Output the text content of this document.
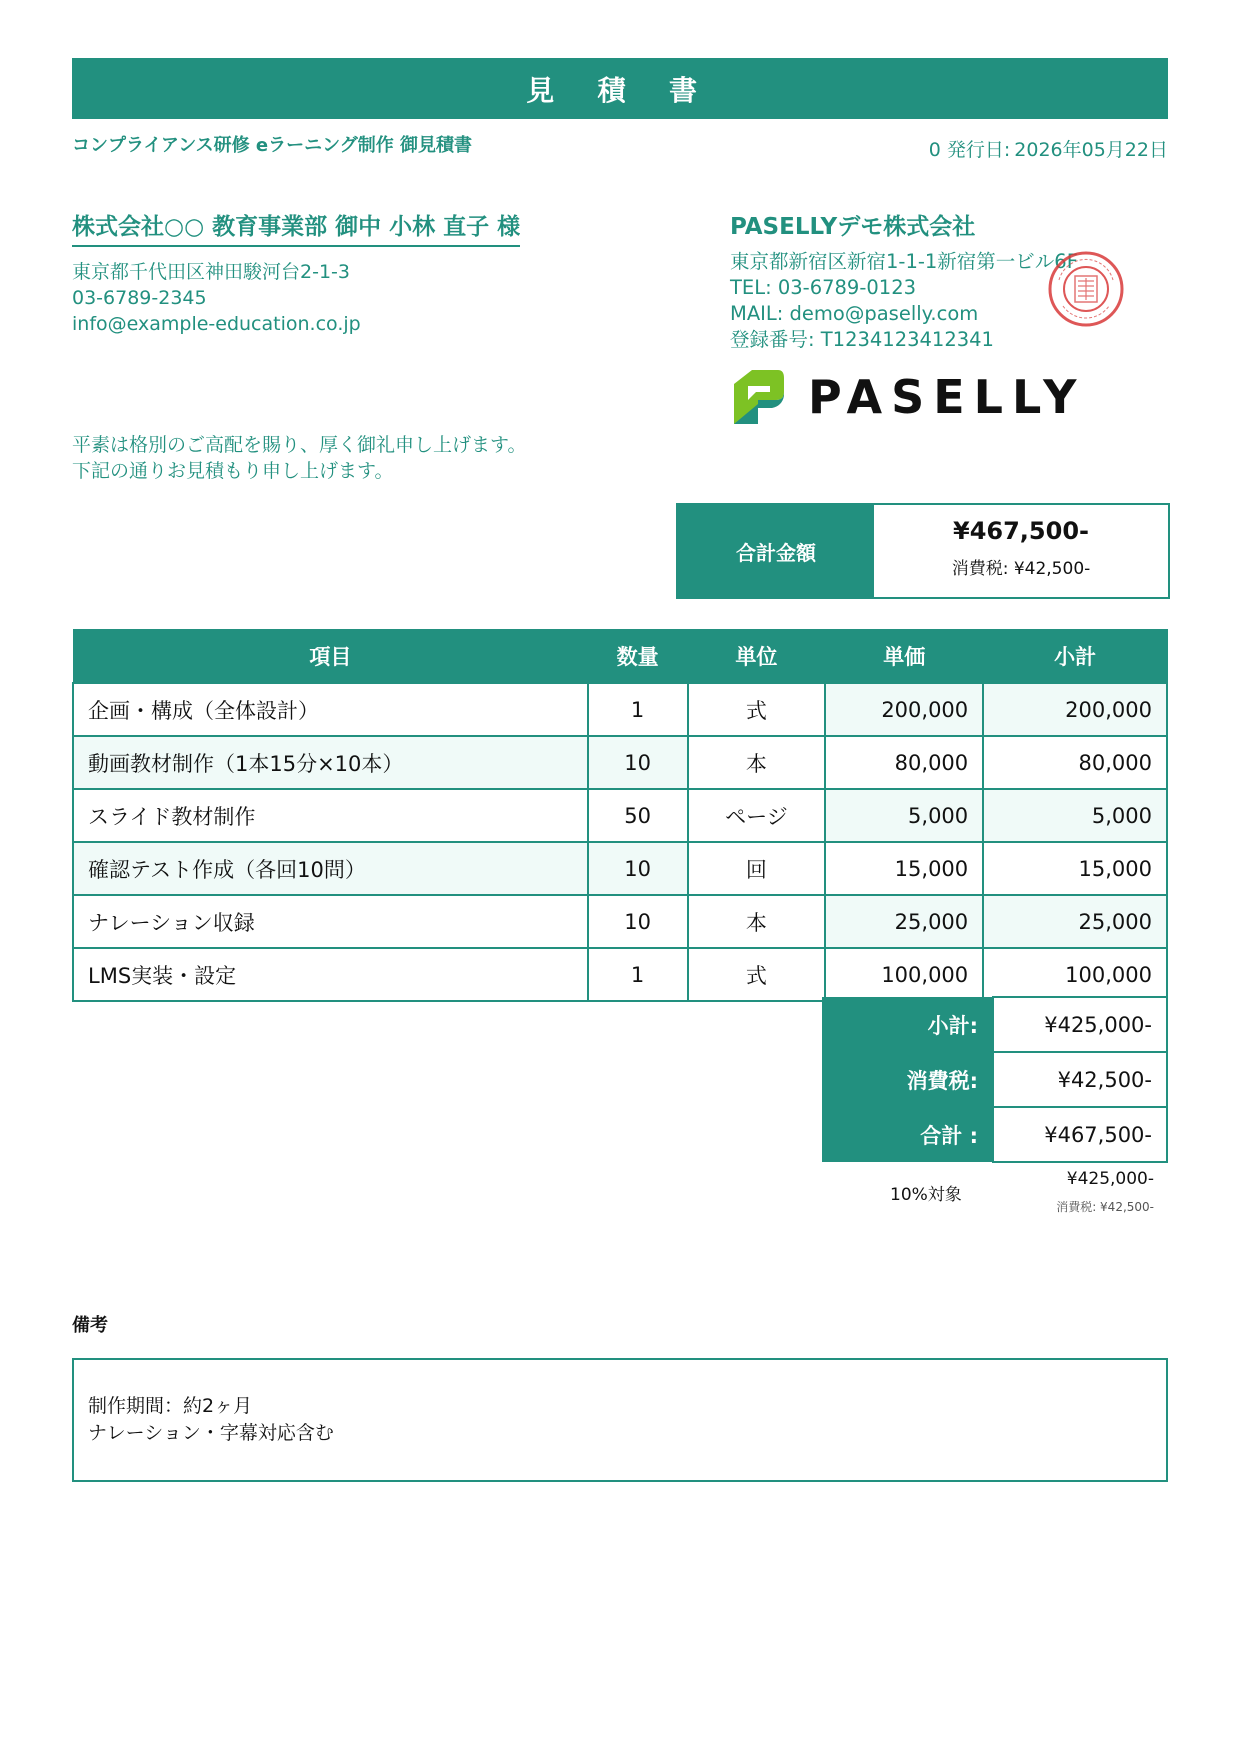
見 積 書
コンプライアンス研修 eラーニング制作 御見積書	0 発行日: 2026年05月22日
株式会社○○ 教育事業部 御中 小林 直子 様
東京都千代田区神田駿河台2-1-3
03-6789-2345
info@example-education.co.jp
平素は格別のご高配を賜り、厚く御礼申し上げます。
下記の通りお見積もり申し上げます。
PASELLYデモ株式会社
東京都新宿区新宿1-1-1新宿第一ビル6F
TEL: 03-6789-0123
MAIL: demo@paselly.com
登録番号: T1234123412341
PASELLY
合計金額
¥467,500-
消費税: ¥42,500-
項目	数量	単位	単価	小計
企画・構成（全体設計）	1	式	200,000	200,000
動画教材制作（1本15分×10本）	10	本	80,000	80,000
スライド教材制作	50	ページ	5,000	5,000
確認テスト作成（各回10問）	10	回	15,000	15,000
ナレーション収録	10	本	25,000	25,000
LMS実装・設定	1	式	100,000	100,000
小計:	¥425,000-
消費税:	¥42,500-
合計 :	¥467,500-
10%対象
¥425,000-
消費税: ¥42,500-
備考
制作期間：約2ヶ月
ナレーション・字幕対応含む
